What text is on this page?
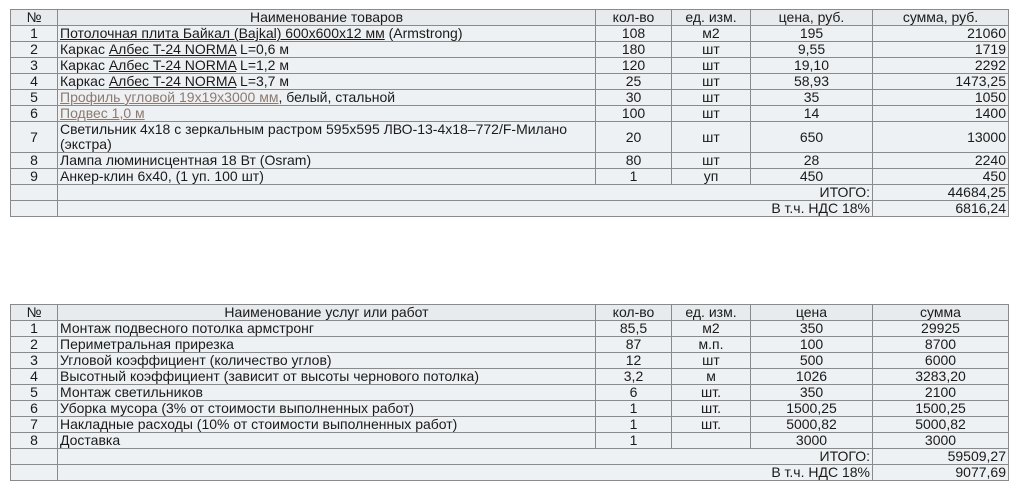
№	Наименование товаров	кол-во	ед. изм.	цена, руб.	сумма, руб.
1	Потолочная плита Байкал (Bajkal) 600x600x12 мм (Armstrong)	108	м2	195	21060
2	Каркас Албес T-24 NORMA L=0,6 м	180	шт	9,55	1719
3	Каркас Албес T-24 NORMA L=1,2 м	120	шт	19,10	2292
4	Каркас Албес T-24 NORMA L=3,7 м	25	шт	58,93	1473,25
5	Профиль угловой 19x19x3000 мм, белый, стальной	30	шт	35	1050
6	Подвес 1,0 м	100	шт	14	1400
7	Светильник 4х18 с зеркальным растром 595x595 ЛВО-13-4х18–772/F-Милано (экстра)	20	шт	650	13000
8	Лампа люминисцентная 18 Вт (Osram)	80	шт	28	2240
9	Анкер-клин 6x40, (1 уп. 100 шт)	1	уп	450	450
	ИТОГО:				44684,25
	В т.ч. НДС 18%				6816,24
№	Наименование услуг или работ	кол-во	ед. изм.	цена	сумма
1	Монтаж подвесного потолка армстронг	85,5	м2	350	29925
2	Периметральная прирезка	87	м.п.	100	8700
3	Угловой коэффициент (количество углов)	12	шт	500	6000
4	Высотный коэффициент (зависит от высоты чернового потолка)	3,2	м	1026	3283,20
5	Монтаж светильников	6	шт.	350	2100
6	Уборка мусора (3% от стоимости выполненных работ)	1	шт.	1500,25	1500,25
7	Накладные расходы (10% от стоимости выполненных работ)	1	шт.	5000,82	5000,82
8	Доставка	1		3000	3000
	ИТОГО:				59509,27
	В т.ч. НДС 18%				9077,69
